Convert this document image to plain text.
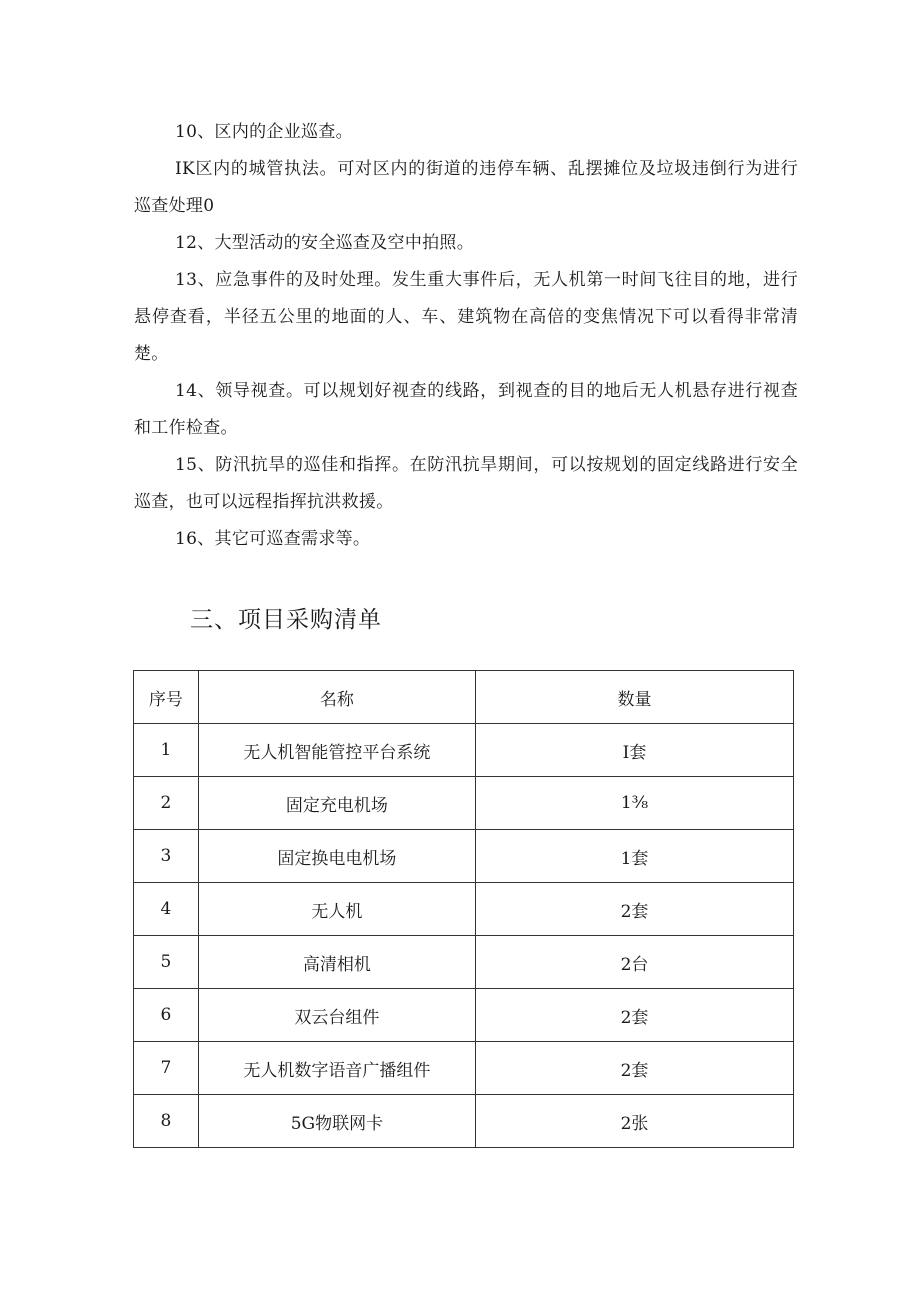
10、区内的企业巡查。

IK区内的城管执法。可对区内的街道的违停车辆、乱摆摊位及垃圾违倒行为进行巡查处理0

12、大型活动的安全巡查及空中拍照。

13、应急事件的及时处理。发生重大事件后，无人机第一时间飞往目的地，进行悬停查看，半径五公里的地面的人、车、建筑物在高倍的变焦情况下可以看得非常清楚。

14、领导视查。可以规划好视查的线路，到视查的目的地后无人机悬存进行视查和工作检查。

15、防汛抗旱的巡佳和指挥。在防汛抗旱期间，可以按规划的固定线路进行安全巡查，也可以远程指挥抗洪救援。

16、其它可巡查需求等。

三、项目采购清单
序号	名称	数量
1	无人机智能管控平台系统	I套
2	固定充电机场	1⅜
3	固定换电电机场	1套
4	无人机	2套
5	高清相机	2台
6	双云台组件	2套
7	无人机数字语音广播组件	2套
8	5G物联网卡	2张
